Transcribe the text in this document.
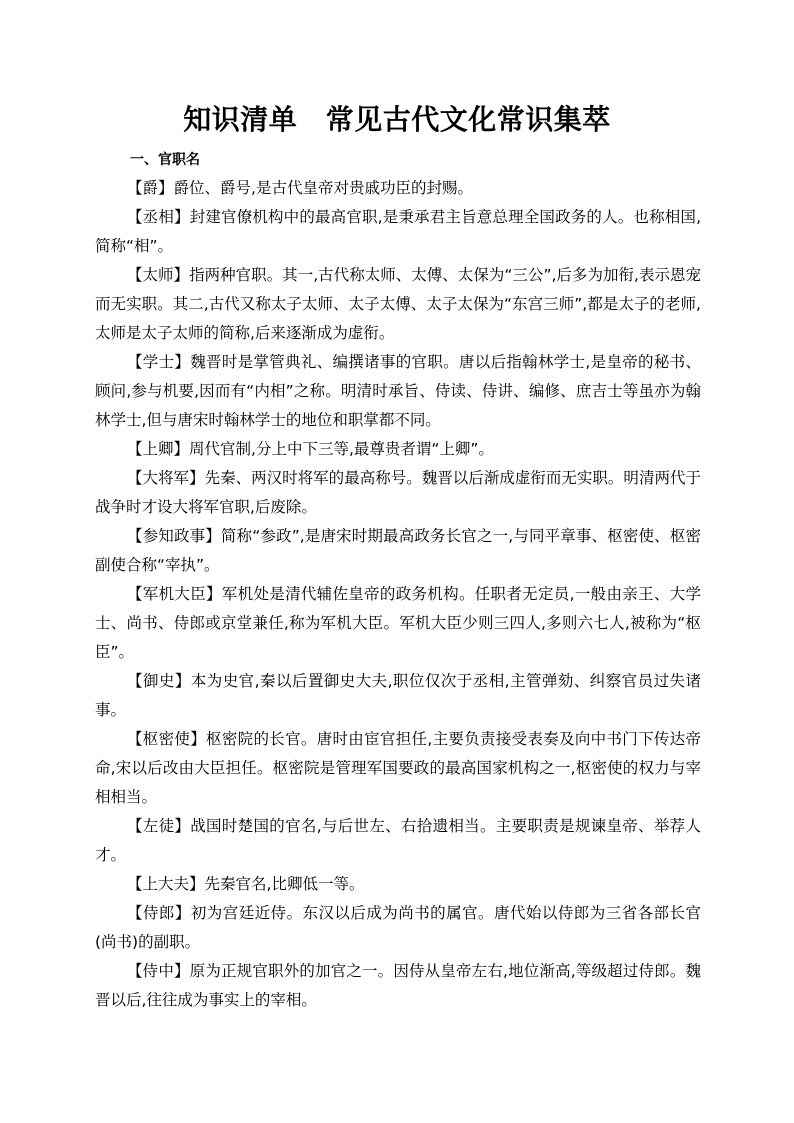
知识清单　常见古代文化常识集萃
一、官职名

【爵】爵位、爵号,是古代皇帝对贵戚功臣的封赐。

【丞相】封建官僚机构中的最高官职,是秉承君主旨意总理全国政务的人。也称相国,简称“相”。

【太师】指两种官职。其一,古代称太师、太傅、太保为“三公”,后多为加衔,表示恩宠而无实职。其二,古代又称太子太师、太子太傅、太子太保为“东宫三师”,都是太子的老师,太师是太子太师的简称,后来逐渐成为虚衔。

【学士】魏晋时是掌管典礼、编撰诸事的官职。唐以后指翰林学士,是皇帝的秘书、顾问,参与机要,因而有“内相”之称。明清时承旨、侍读、侍讲、编修、庶吉士等虽亦为翰林学士,但与唐宋时翰林学士的地位和职掌都不同。

【上卿】周代官制,分上中下三等,最尊贵者谓“上卿”。

【大将军】先秦、两汉时将军的最高称号。魏晋以后渐成虚衔而无实职。明清两代于战争时才设大将军官职,后废除。

【参知政事】简称“参政”,是唐宋时期最高政务长官之一,与同平章事、枢密使、枢密副使合称“宰执”。

【军机大臣】军机处是清代辅佐皇帝的政务机构。任职者无定员,一般由亲王、大学士、尚书、侍郎或京堂兼任,称为军机大臣。军机大臣少则三四人,多则六七人,被称为“枢臣”。

【御史】本为史官,秦以后置御史大夫,职位仅次于丞相,主管弹劾、纠察官员过失诸事。

【枢密使】枢密院的长官。唐时由宦官担任,主要负责接受表奏及向中书门下传达帝命,宋以后改由大臣担任。枢密院是管理军国要政的最高国家机构之一,枢密使的权力与宰相相当。

【左徒】战国时楚国的官名,与后世左、右拾遗相当。主要职责是规谏皇帝、举荐人才。

【上大夫】先秦官名,比卿低一等。

【侍郎】初为宫廷近侍。东汉以后成为尚书的属官。唐代始以侍郎为三省各部长官(尚书)的副职。

【侍中】原为正规官职外的加官之一。因侍从皇帝左右,地位渐高,等级超过侍郎。魏晋以后,往往成为事实上的宰相。
